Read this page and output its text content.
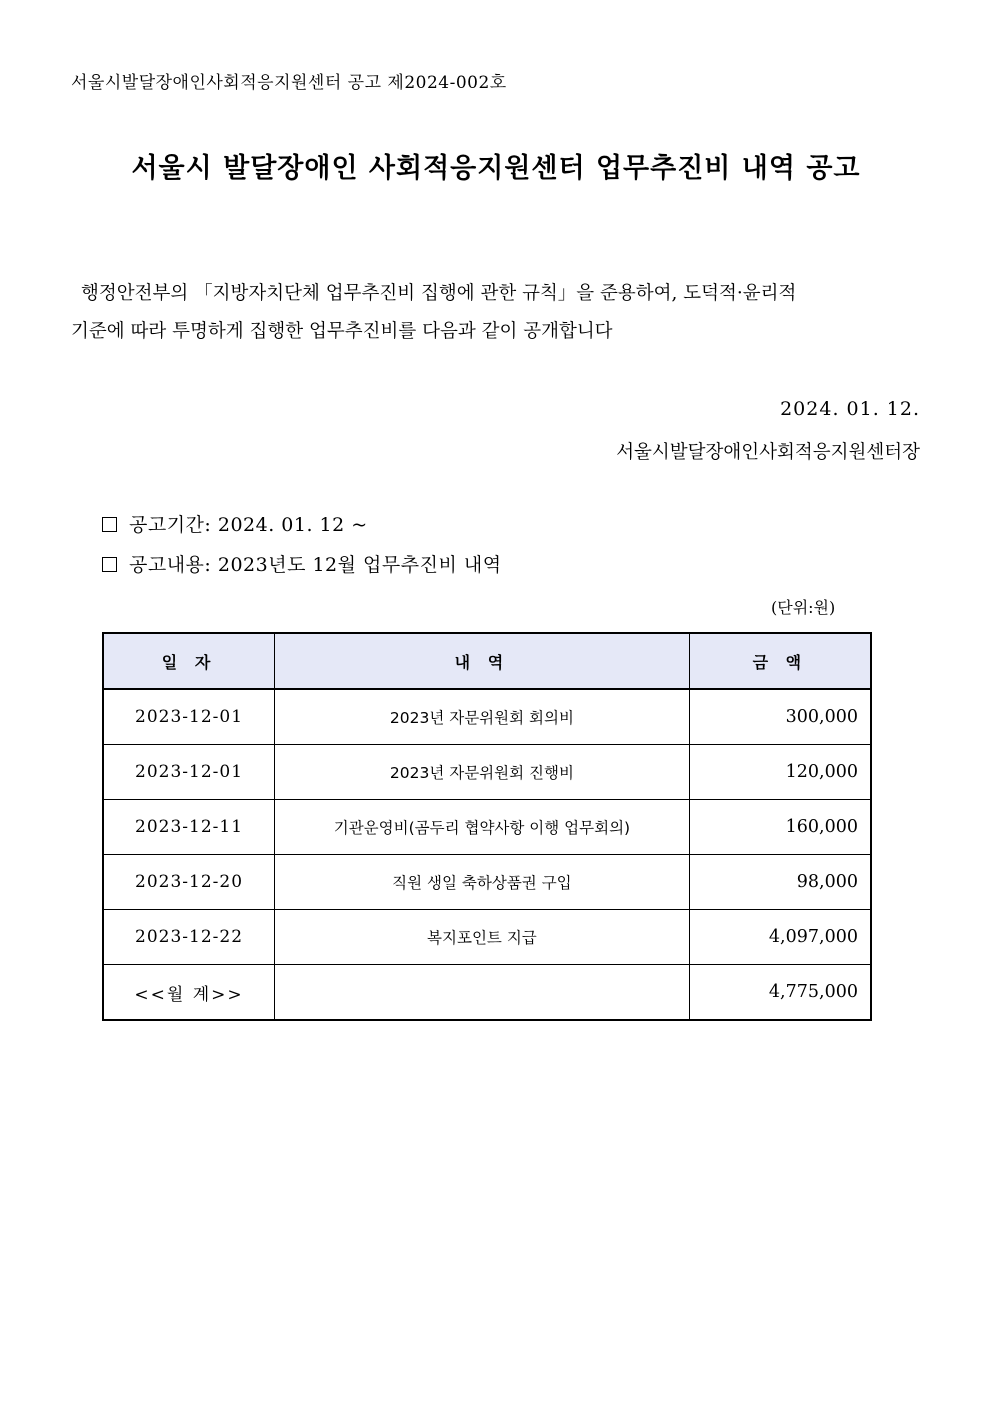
서울시발달장애인사회적응지원센터 공고 제2024-002호
서울시 발달장애인 사회적응지원센터 업무추진비 내역 공고
행정안전부의 「지방자치단체 업무추진비 집행에 관한 규칙」을 준용하여, 도덕적·윤리적
기준에 따라 투명하게 집행한 업무추진비를 다음과 같이 공개합니다
2024. 01. 12.
서울시발달장애인사회적응지원센터장
공고기간: 2024. 01. 12 ~
공고내용: 2023년도 12월 업무추진비 내역
(단위:원)
일 자	내 역	금 액
2023-12-01	2023년 자문위원회 회의비	300,000
2023-12-01	2023년 자문위원회 진행비	120,000
2023-12-11	기관운영비(곰두리 협약사항 이행 업무회의)	160,000
2023-12-20	직원 생일 축하상품권 구입	98,000
2023-12-22	복지포인트 지급	4,097,000
<<월 계>>		4,775,000
